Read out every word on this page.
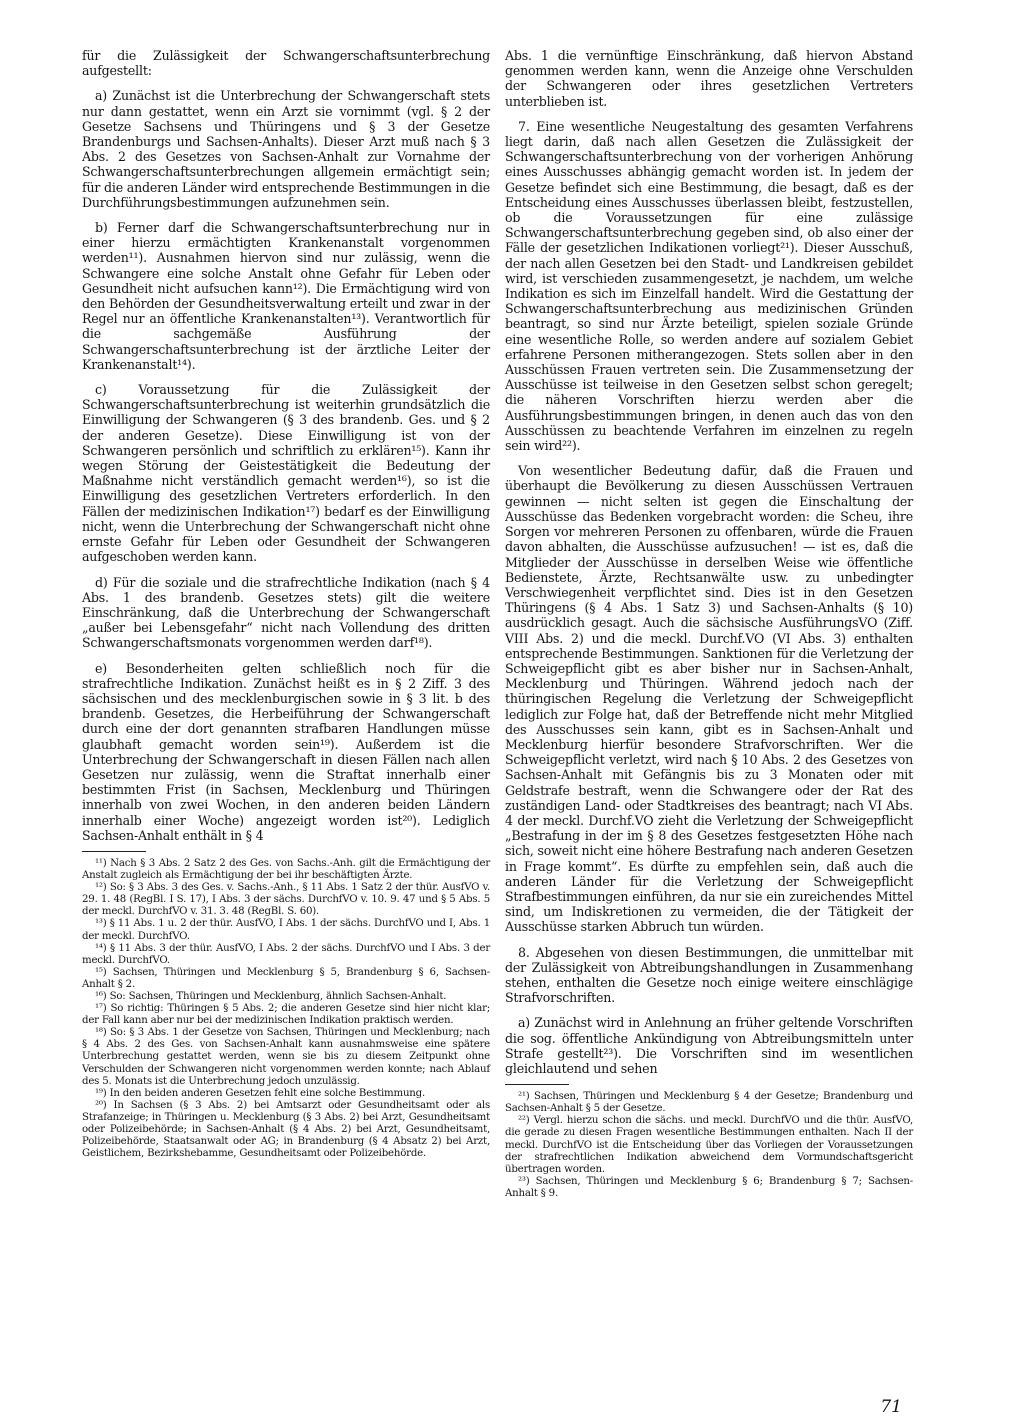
für die Zulässigkeit der Schwangerschaftsunterbrechung aufgestellt:

a) Zunächst ist die Unterbrechung der Schwangerschaft stets nur dann gestattet, wenn ein Arzt sie vornimmt (vgl. § 2 der Gesetze Sachsens und Thüringens und § 3 der Gesetze Brandenburgs und Sachsen-Anhalts). Dieser Arzt muß nach § 3 Abs. 2 des Gesetzes von Sachsen-Anhalt zur Vornahme der Schwangerschaftsunterbrechungen allgemein ermächtigt sein; für die anderen Länder wird entsprechende Bestimmungen in die Durchführungsbestimmungen aufzunehmen sein.

b) Ferner darf die Schwangerschaftsunterbrechung nur in einer hierzu ermächtigten Krankenanstalt vorgenommen werden¹¹). Ausnahmen hiervon sind nur zulässig, wenn die Schwangere eine solche Anstalt ohne Gefahr für Leben oder Gesundheit nicht aufsuchen kann¹²). Die Ermächtigung wird von den Behörden der Gesundheitsverwaltung erteilt und zwar in der Regel nur an öffentliche Krankenanstalten¹³). Verantwortlich für die sachgemäße Ausführung der Schwangerschaftsunterbrechung ist der ärztliche Leiter der Krankenanstalt¹⁴).

c) Voraussetzung für die Zulässigkeit der Schwangerschaftsunterbrechung ist weiterhin grundsätzlich die Einwilligung der Schwangeren (§ 3 des brandenb. Ges. und § 2 der anderen Gesetze). Diese Einwilligung ist von der Schwangeren persönlich und schriftlich zu erklären¹⁵). Kann ihr wegen Störung der Geistestätigkeit die Bedeutung der Maßnahme nicht verständlich gemacht werden¹⁶), so ist die Einwilligung des gesetzlichen Vertreters erforderlich. In den Fällen der medizinischen Indikation¹⁷) bedarf es der Einwilligung nicht, wenn die Unterbrechung der Schwangerschaft nicht ohne ernste Gefahr für Leben oder Gesundheit der Schwangeren aufgeschoben werden kann.

d) Für die soziale und die strafrechtliche Indikation (nach § 4 Abs. 1 des brandenb. Gesetzes stets) gilt die weitere Einschränkung, daß die Unterbrechung der Schwangerschaft „außer bei Lebensgefahr“ nicht nach Vollendung des dritten Schwangerschaftsmonats vorgenommen werden darf¹⁸).

e) Besonderheiten gelten schließlich noch für die strafrechtliche Indikation. Zunächst heißt es in § 2 Ziff. 3 des sächsischen und des mecklenburgischen sowie in § 3 lit. b des brandenb. Gesetzes, die Herbeiführung der Schwangerschaft durch eine der dort genannten strafbaren Handlungen müsse glaubhaft gemacht worden sein¹⁹). Außerdem ist die Unterbrechung der Schwangerschaft in diesen Fällen nach allen Gesetzen nur zulässig, wenn die Straftat innerhalb einer bestimmten Frist (in Sachsen, Mecklenburg und Thüringen innerhalb von zwei Wochen, in den anderen beiden Ländern innerhalb einer Woche) angezeigt worden ist²⁰). Lediglich Sachsen-Anhalt enthält in § 4

¹¹) Nach § 3 Abs. 2 Satz 2 des Ges. von Sachs.-Anh. gilt die Ermächtigung der Anstalt zugleich als Ermächtigung der bei ihr beschäftigten Ärzte.

¹²) So: § 3 Abs. 3 des Ges. v. Sachs.-Anh., § 11 Abs. 1 Satz 2 der thür. AusfVO v. 29. 1. 48 (RegBl. I S. 17), I Abs. 3 der sächs. DurchfVO v. 10. 9. 47 und § 5 Abs. 5 der meckl. DurchfVO v. 31. 3. 48 (RegBl. S. 60).

¹³) § 11 Abs. 1 u. 2 der thür. AusfVO, I Abs. 1 der sächs. DurchfVO und I, Abs. 1 der meckl. DurchfVO.

¹⁴) § 11 Abs. 3 der thür. AusfVO, I Abs. 2 der sächs. DurchfVO und I Abs. 3 der meckl. DurchfVO.

¹⁵) Sachsen, Thüringen und Mecklenburg § 5, Brandenburg § 6, Sachsen-Anhalt § 2.

¹⁶) So: Sachsen, Thüringen und Mecklenburg, ähnlich Sachsen-Anhalt.

¹⁷) So richtig: Thüringen § 5 Abs. 2; die anderen Gesetze sind hier nicht klar; der Fall kann aber nur bei der medizinischen Indikation praktisch werden.

¹⁸) So: § 3 Abs. 1 der Gesetze von Sachsen, Thüringen und Mecklenburg; nach § 4 Abs. 2 des Ges. von Sachsen-Anhalt kann ausnahmsweise eine spätere Unterbrechung gestattet werden, wenn sie bis zu diesem Zeitpunkt ohne Verschulden der Schwangeren nicht vorgenommen werden konnte; nach Ablauf des 5. Monats ist die Unterbrechung jedoch unzulässig.

¹⁹) In den beiden anderen Gesetzen fehlt eine solche Bestimmung.

²⁰) In Sachsen (§ 3 Abs. 2) bei Amtsarzt oder Gesundheitsamt oder als Strafanzeige; in Thüringen u. Mecklenburg (§ 3 Abs. 2) bei Arzt, Gesundheitsamt oder Polizeibehörde; in Sachsen-Anhalt (§ 4 Abs. 2) bei Arzt, Gesundheitsamt, Polizeibehörde, Staatsanwalt oder AG; in Brandenburg (§ 4 Absatz 2) bei Arzt, Geistlichem, Bezirkshebamme, Gesundheitsamt oder Polizeibehörde.

Abs. 1 die vernünftige Einschränkung, daß hiervon Abstand genommen werden kann, wenn die Anzeige ohne Verschulden der Schwangeren oder ihres gesetzlichen Vertreters unterblieben ist.

7. Eine wesentliche Neugestaltung des gesamten Verfahrens liegt darin, daß nach allen Gesetzen die Zulässigkeit der Schwangerschaftsunterbrechung von der vorherigen Anhörung eines Ausschusses abhängig gemacht worden ist. In jedem der Gesetze befindet sich eine Bestimmung, die besagt, daß es der Entscheidung eines Ausschusses überlassen bleibt, festzustellen, ob die Voraussetzungen für eine zulässige Schwangerschaftsunterbrechung gegeben sind, ob also einer der Fälle der gesetzlichen Indikationen vorliegt²¹). Dieser Ausschuß, der nach allen Gesetzen bei den Stadt- und Landkreisen gebildet wird, ist verschieden zusammengesetzt, je nachdem, um welche Indikation es sich im Einzelfall handelt. Wird die Gestattung der Schwangerschaftsunterbrechung aus medizinischen Gründen beantragt, so sind nur Ärzte beteiligt, spielen soziale Gründe eine wesentliche Rolle, so werden andere auf sozialem Gebiet erfahrene Personen mitherangezogen. Stets sollen aber in den Ausschüssen Frauen vertreten sein. Die Zusammensetzung der Ausschüsse ist teilweise in den Gesetzen selbst schon geregelt; die näheren Vorschriften hierzu werden aber die Ausführungsbestimmungen bringen, in denen auch das von den Ausschüssen zu beachtende Verfahren im einzelnen zu regeln sein wird²²).

Von wesentlicher Bedeutung dafür, daß die Frauen und überhaupt die Bevölkerung zu diesen Ausschüssen Vertrauen gewinnen — nicht selten ist gegen die Einschaltung der Ausschüsse das Bedenken vorgebracht worden: die Scheu, ihre Sorgen vor mehreren Personen zu offenbaren, würde die Frauen davon abhalten, die Ausschüsse aufzusuchen! — ist es, daß die Mitglieder der Ausschüsse in derselben Weise wie öffentliche Bedienstete, Ärzte, Rechtsanwälte usw. zu unbedingter Verschwiegenheit verpflichtet sind. Dies ist in den Gesetzen Thüringens (§ 4 Abs. 1 Satz 3) und Sachsen-Anhalts (§ 10) ausdrücklich gesagt. Auch die sächsische AusführungsVO (Ziff. VIII Abs. 2) und die meckl. Durchf.VO (VI Abs. 3) enthalten entsprechende Bestimmungen. Sanktionen für die Verletzung der Schweigepflicht gibt es aber bisher nur in Sachsen-Anhalt, Mecklenburg und Thüringen. Während jedoch nach der thüringischen Regelung die Verletzung der Schweigepflicht lediglich zur Folge hat, daß der Betreffende nicht mehr Mitglied des Ausschusses sein kann, gibt es in Sachsen-Anhalt und Mecklenburg hierfür besondere Strafvorschriften. Wer die Schweigepflicht verletzt, wird nach § 10 Abs. 2 des Gesetzes von Sachsen-Anhalt mit Gefängnis bis zu 3 Monaten oder mit Geldstrafe bestraft, wenn die Schwangere oder der Rat des zuständigen Land- oder Stadtkreises des beantragt; nach VI Abs. 4 der meckl. Durchf.VO zieht die Verletzung der Schweigepflicht „Bestrafung in der im § 8 des Gesetzes festgesetzten Höhe nach sich, soweit nicht eine höhere Bestrafung nach anderen Gesetzen in Frage kommt“. Es dürfte zu empfehlen sein, daß auch die anderen Länder für die Verletzung der Schweigepflicht Strafbestimmungen einführen, da nur sie ein zureichendes Mittel sind, um Indiskretionen zu vermeiden, die der Tätigkeit der Ausschüsse starken Abbruch tun würden.

8. Abgesehen von diesen Bestimmungen, die unmittelbar mit der Zulässigkeit von Abtreibungshandlungen in Zusammenhang stehen, enthalten die Gesetze noch einige weitere einschlägige Strafvorschriften.

a) Zunächst wird in Anlehnung an früher geltende Vorschriften die sog. öffentliche Ankündigung von Abtreibungsmitteln unter Strafe gestellt²³). Die Vorschriften sind im wesentlichen gleichlautend und sehen

²¹) Sachsen, Thüringen und Mecklenburg § 4 der Gesetze; Brandenburg und Sachsen-Anhalt § 5 der Gesetze.

²²) Vergl. hierzu schon die sächs. und meckl. DurchfVO und die thür. AusfVO, die gerade zu diesen Fragen wesentliche Bestimmungen enthalten. Nach II der meckl. DurchfVO ist die Entscheidung über das Vorliegen der Voraussetzungen der strafrechtlichen Indikation abweichend dem Vormundschaftsgericht übertragen worden.

²³) Sachsen, Thüringen und Mecklenburg § 6; Brandenburg § 7; Sachsen-Anhalt § 9.

71
